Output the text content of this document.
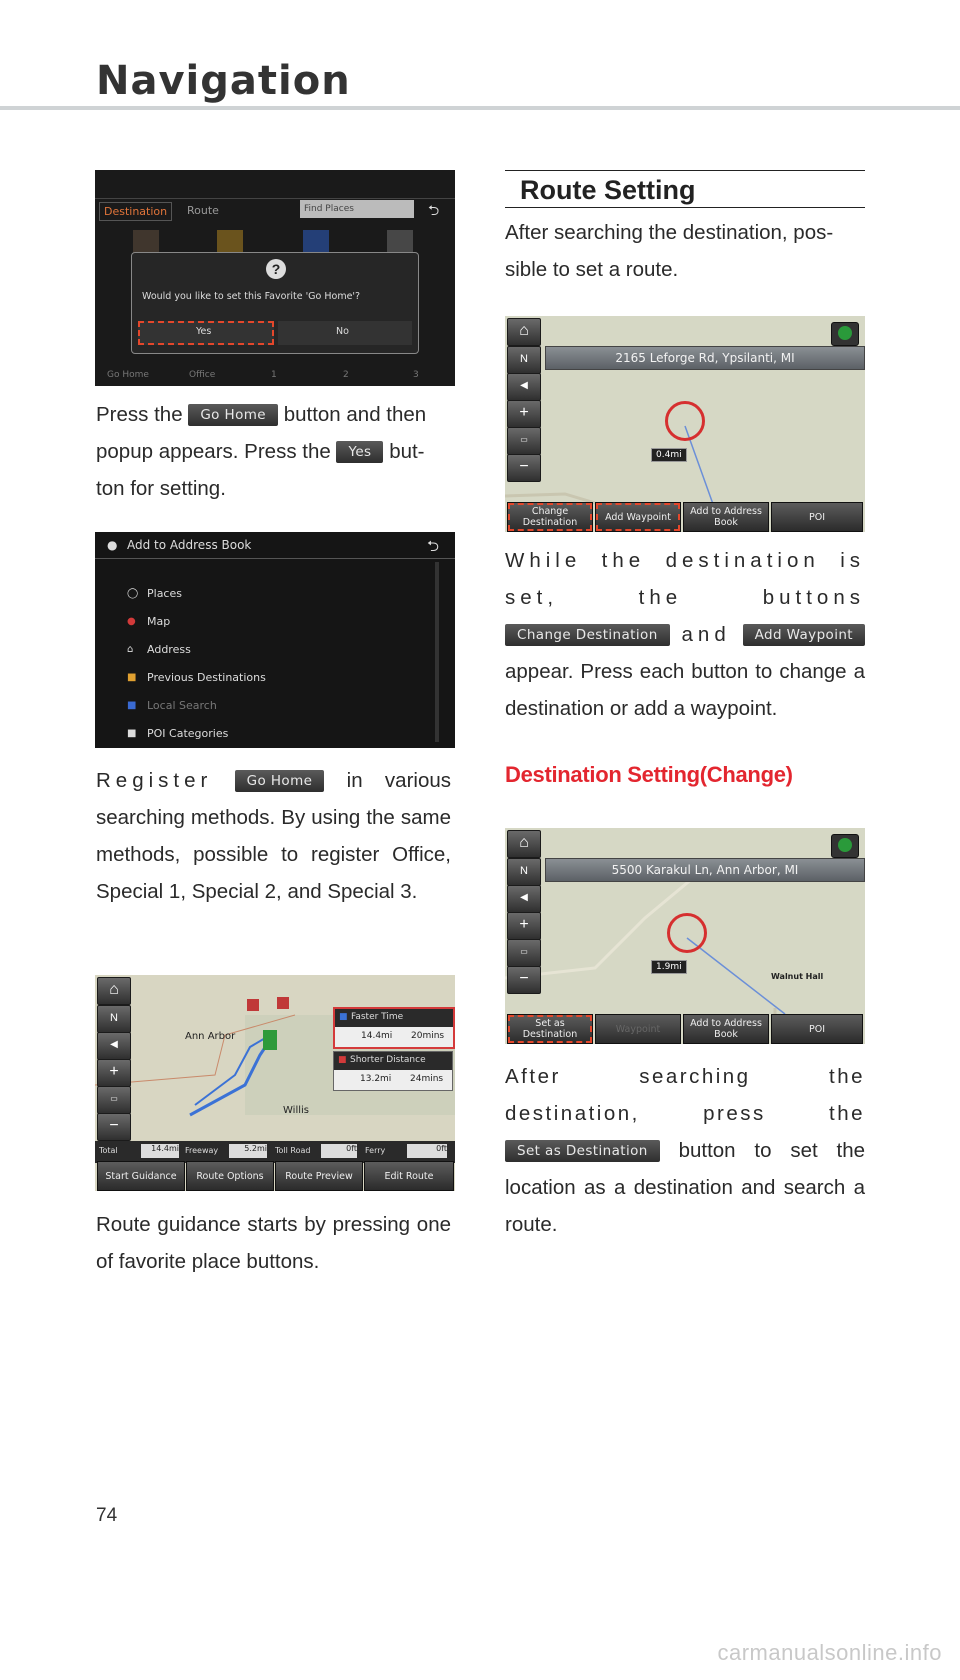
Navigation
Destination	Route	Find Places	⮌
?
Would you like to set this Favorite 'Go Home'?
Yes	No
Go Home	Office	1	2	3
Press the Go Home button and then popup appears. Press the Yes but-ton for setting.
● Add to Address Book	⮌
◯ Places
● Map
⌂ Address
■ Previous Destinations
■ Local Search
■ POI Categories
Register	Go Home in various searching methods. By using the same methods, possible to register Office, Special 1, Special 2, and Special 3.
⌂
N
◀
+
▭
−
Ann Arbor
Willis
■ Faster Time
14.4mi 20mins
■ Shorter Distance
13.2mi 24mins
Total	14.4mi Freeway	5.2mi Toll Road	0ft Ferry	0ft
Start Guidance	Route Options	Route Preview	Edit Route
Route guidance starts by pressing one of favorite place buttons.
Route Setting
After searching the destination, pos-sible to set a route.
⌂
N
◀
+
▭
−
2165 Leforge Rd, Ypsilanti, MI
0.4mi
Change Destination	Add Waypoint	Add to Address Book	POI
While the destination is set, the buttons Change Destination and Add Waypoint appear. Press each button to change a destination or add a waypoint.
Destination Setting(Change)
⌂
N
◀
+
▭
−
5500 Karakul Ln, Ann Arbor, MI
1.9mi
Walnut Hall
Set as Destination	Waypoint	Add to Address Book	POI
After searching the destination, press the Set as Destination button to set the location as a destination and search a route.
74
carmanualsonline.info
